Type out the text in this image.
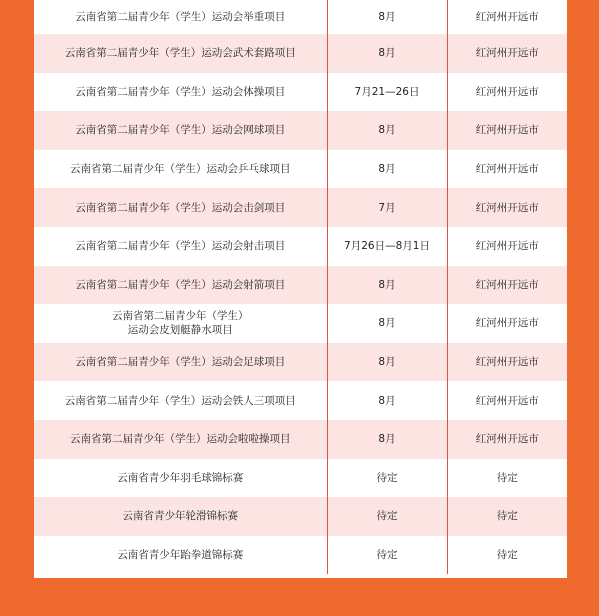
云南省第二届青少年（学生）运动会举重项目	8月	红河州开远市
云南省第二届青少年（学生）运动会武术套路项目	8月	红河州开远市
云南省第二届青少年（学生）运动会体操项目	7月21—26日	红河州开远市
云南省第二届青少年（学生）运动会网球项目	8月	红河州开远市
云南省第二届青少年（学生）运动会乒乓球项目	8月	红河州开远市
云南省第二届青少年（学生）运动会击剑项目	7月	红河州开远市
云南省第二届青少年（学生）运动会射击项目	7月26日—8月1日	红河州开远市
云南省第二届青少年（学生）运动会射箭项目	8月	红河州开远市
云南省第二届青少年（学生）运动会皮划艇静水项目	8月	红河州开远市
云南省第二届青少年（学生）运动会足球项目	8月	红河州开远市
云南省第二届青少年（学生）运动会铁人三项项目	8月	红河州开远市
云南省第二届青少年（学生）运动会啦啦操项目	8月	红河州开远市
云南省青少年羽毛球锦标赛	待定	待定
云南省青少年轮滑锦标赛	待定	待定
云南省青少年跆拳道锦标赛	待定	待定
